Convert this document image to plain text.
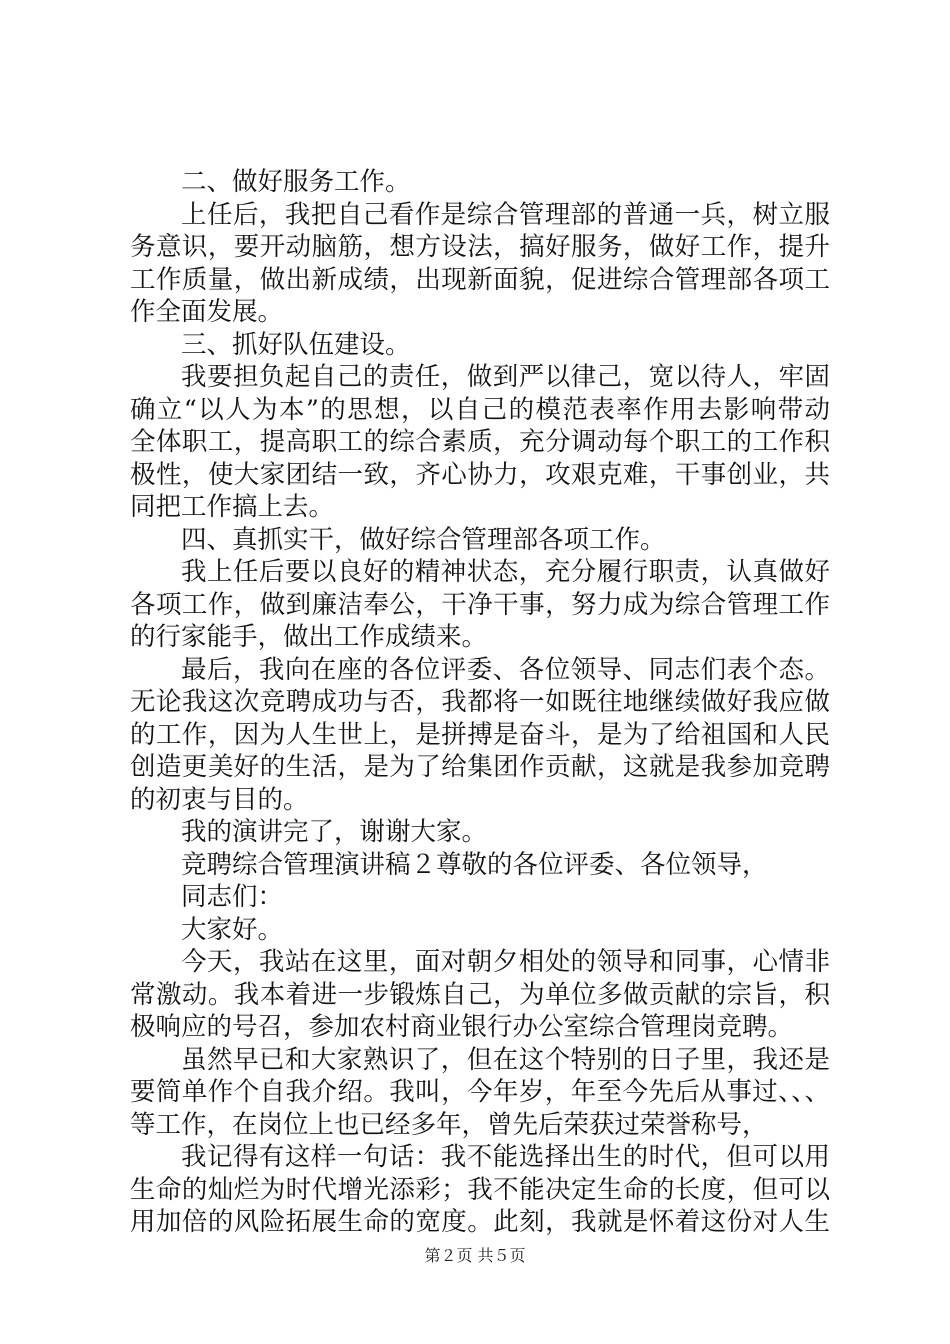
二、做好服务工作。
上任后，我把自己看作是综合管理部的普通一兵，树立服
务意识，要开动脑筋，想方设法，搞好服务，做好工作，提升
工作质量，做出新成绩，出现新面貌，促进综合管理部各项工
作全面发展。
三、抓好队伍建设。
我要担负起自己的责任，做到严以律己，宽以待人，牢固
确立“以人为本”的思想，以自己的模范表率作用去影响带动
全体职工，提高职工的综合素质，充分调动每个职工的工作积
极性，使大家团结一致，齐心协力，攻艰克难，干事创业，共
同把工作搞上去。
四、真抓实干，做好综合管理部各项工作。
我上任后要以良好的精神状态，充分履行职责，认真做好
各项工作，做到廉洁奉公，干净干事，努力成为综合管理工作
的行家能手，做出工作成绩来。
最后，我向在座的各位评委、各位领导、同志们表个态。
无论我这次竞聘成功与否，我都将一如既往地继续做好我应做
的工作，因为人生世上，是拼搏是奋斗，是为了给祖国和人民
创造更美好的生活，是为了给集团作贡献，这就是我参加竞聘
的初衷与目的。
我的演讲完了，谢谢大家。
竞聘综合管理演讲稿２尊敬的各位评委、各位领导，
同志们：
大家好。
今天，我站在这里，面对朝夕相处的领导和同事，心情非
常激动。我本着进一步锻炼自己，为单位多做贡献的宗旨，积
极响应的号召，参加农村商业银行办公室综合管理岗竞聘。
虽然早已和大家熟识了，但在这个特别的日子里，我还是
要简单作个自我介绍。我叫，今年岁，年至今先后从事过、、、
等工作，在岗位上也已经多年，曾先后荣获过荣誉称号，
我记得有这样一句话：我不能选择出生的时代，但可以用
生命的灿烂为时代增光添彩；我不能决定生命的长度，但可以
用加倍的风险拓展生命的宽度。此刻，我就是怀着这份对人生
第２页 共５页
